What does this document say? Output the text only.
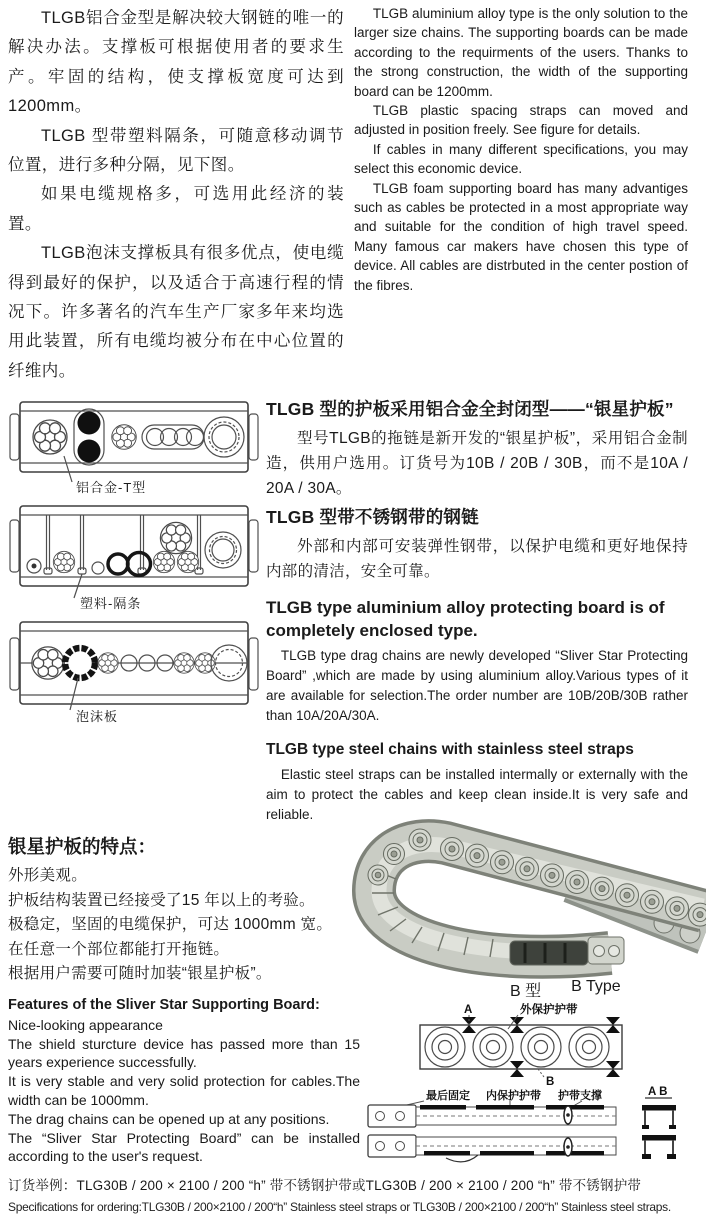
TLGB铝合金型是解决较大钢链的唯一的解决办法。支撑板可根据使用者的要求生产。牢固的结构，使支撑板宽度可达到 1200mm。

TLGB 型带塑料隔条，可随意移动调节位置，进行多种分隔，见下图。

如果电缆规格多，可选用此经济的装置。

TLGB泡沫支撑板具有很多优点，使电缆得到最好的保护，以及适合于高速行程的情况下。许多著名的汽车生产厂家多年来均选用此装置，所有电缆均被分布在中心位置的纤维内。

TLGB aluminium alloy type is the only solution to the larger size chains. The supporting boards can be made according to the requirments of the users. Thanks to the strong construction, the width of the supporting board can be 1200mm.

TLGB plastic spacing straps can moved and adjusted in position freely. See figure for details.

If cables in many different specifications, you may select this economic device.

TLGB foam supporting board has many advantiges such as cables be protected in a most appropriate way and suitable for the condition of high travel speed. Many famous car makers have chosen this type of device. All cables are distrbuted in the center postion of the fibres.

铝合金-T型
塑料-隔条
泡沫板
TLGB 型的护板采用铝合金全封闭型——“银星护板”

型号TLGB的拖链是新开发的“银星护板”，采用铝合金制造，供用户选用。订货号为10B / 20B / 30B，而不是10A / 20A / 30A。

TLGB 型带不锈钢带的钢链

外部和内部可安装弹性钢带，以保护电缆和更好地保持内部的清洁，安全可靠。

TLGB type aluminium alloy protecting board is of completely enclosed type.

TLGB type drag chains are newly developed “Sliver Star Protecting Board” ,which are made by using aluminium alloy.Various types of it are available for selection.The order number are 10B/20B/30B rather than 10A/20A/30A.

TLGB type steel chains with stainless steel straps

Elastic steel straps can be installed intermally or externally with the aim to protect the cables and keep clean inside.It is very safe and reliable.

银星护板的特点：
外形美观。
护板结构装置已经接受了15 年以上的考验。
极稳定，坚固的电缆保护，可达 1000mm 宽。
在任意一个部位都能打开拖链。
根据用户需要可随时加装“银星护板”。
Features of the Sliver Star Supporting Board:
Nice-looking appearance
The shield sturcture device has passed more than 15 years experience successfully.
It is very stable and very solid protection for cables.The width can be 1000mm.
The drag chains can be opened up at any positions.
The “Sliver Star Protecting Board” can be installed according to the user's request.
B 型 B Type
A	外保护护带
B
最后固定 内保护护带 护带支撑	A B
订货举例：TLG30B / 200 × 2100 / 200 “h” 带不锈钢护带或TLG30B / 200 × 2100 / 200 “h” 带不锈钢护带
Specifications for ordering:TLG30B / 200×2100 / 200“h” Stainless steel straps or TLG30B / 200×2100 / 200“h” Stainless steel straps.
